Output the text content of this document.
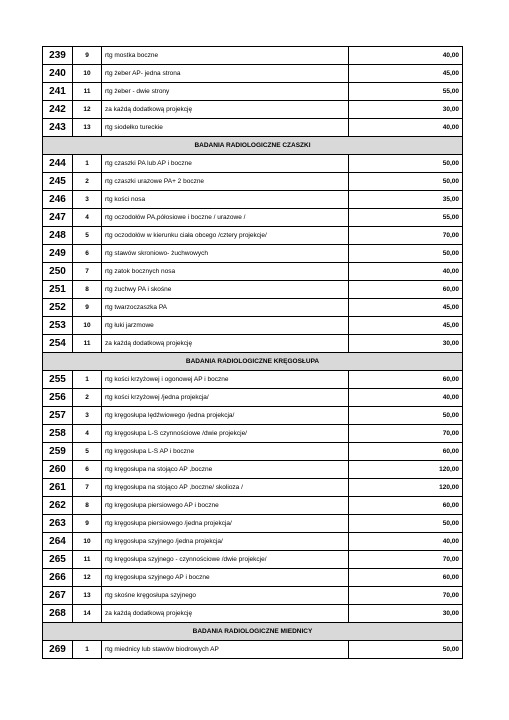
239	9	rtg mostka boczne	40,00
240	10	rtg żeber AP- jedna strona	45,00
241	11	rtg żeber - dwie strony	55,00
242	12	za każdą dodatkową projekcję	30,00
243	13	rtg siodełko tureckie	40,00
BADANIA RADIOLOGICZNE CZASZKI			
244	1	rtg czaszki PA lub AP i boczne	50,00
245	2	rtg czaszki urazowe PA+ 2 boczne	50,00
246	3	rtg kości nosa	35,00
247	4	rtg oczodołów PA,półosiowe i boczne / urazowe /	55,00
248	5	rtg oczodołów w kierunku ciała obcego /cztery projekcje/	70,00
249	6	rtg stawów skroniowo- żuchwowych	50,00
250	7	rtg zatok bocznych nosa	40,00
251	8	rtg żuchwy PA i skośne	60,00
252	9	rtg twarzoczaszka PA	45,00
253	10	rtg łuki jarzmowe	45,00
254	11	za każdą dodatkową projekcję	30,00
BADANIA RADIOLOGICZNE KRĘGOSŁUPA			
255	1	rtg kości krzyżowej i ogonowej AP i boczne	60,00
256	2	rtg kości krzyżowej /jedna projekcja/	40,00
257	3	rtg kręgosłupa lędźwiowego /jedna projekcja/	50,00
258	4	rtg kręgosłupa L-S czynnościowe /dwie projekcje/	70,00
259	5	rtg kręgosłupa L-S AP i boczne	60,00
260	6	rtg kręgosłupa na stojąco AP ,boczne	120,00
261	7	rtg kręgosłupa na stojąco AP ,boczne/ skolioza /	120,00
262	8	rtg kręgosłupa piersiowego AP i boczne	60,00
263	9	rtg kręgosłupa piersiowego /jedna projekcja/	50,00
264	10	rtg kręgosłupa szyjnego /jedna projekcja/	40,00
265	11	rtg kręgosłupa szyjnego - czynnościowe /dwie projekcje/	70,00
266	12	rtg kręgosłupa szyjnego AP i boczne	60,00
267	13	rtg skośne kręgosłupa szyjnego	70,00
268	14	za każdą dodatkową projekcję	30,00
BADANIA RADIOLOGICZNE MIEDNICY			
269	1	rtg miednicy lub stawów biodrowych AP	50,00
